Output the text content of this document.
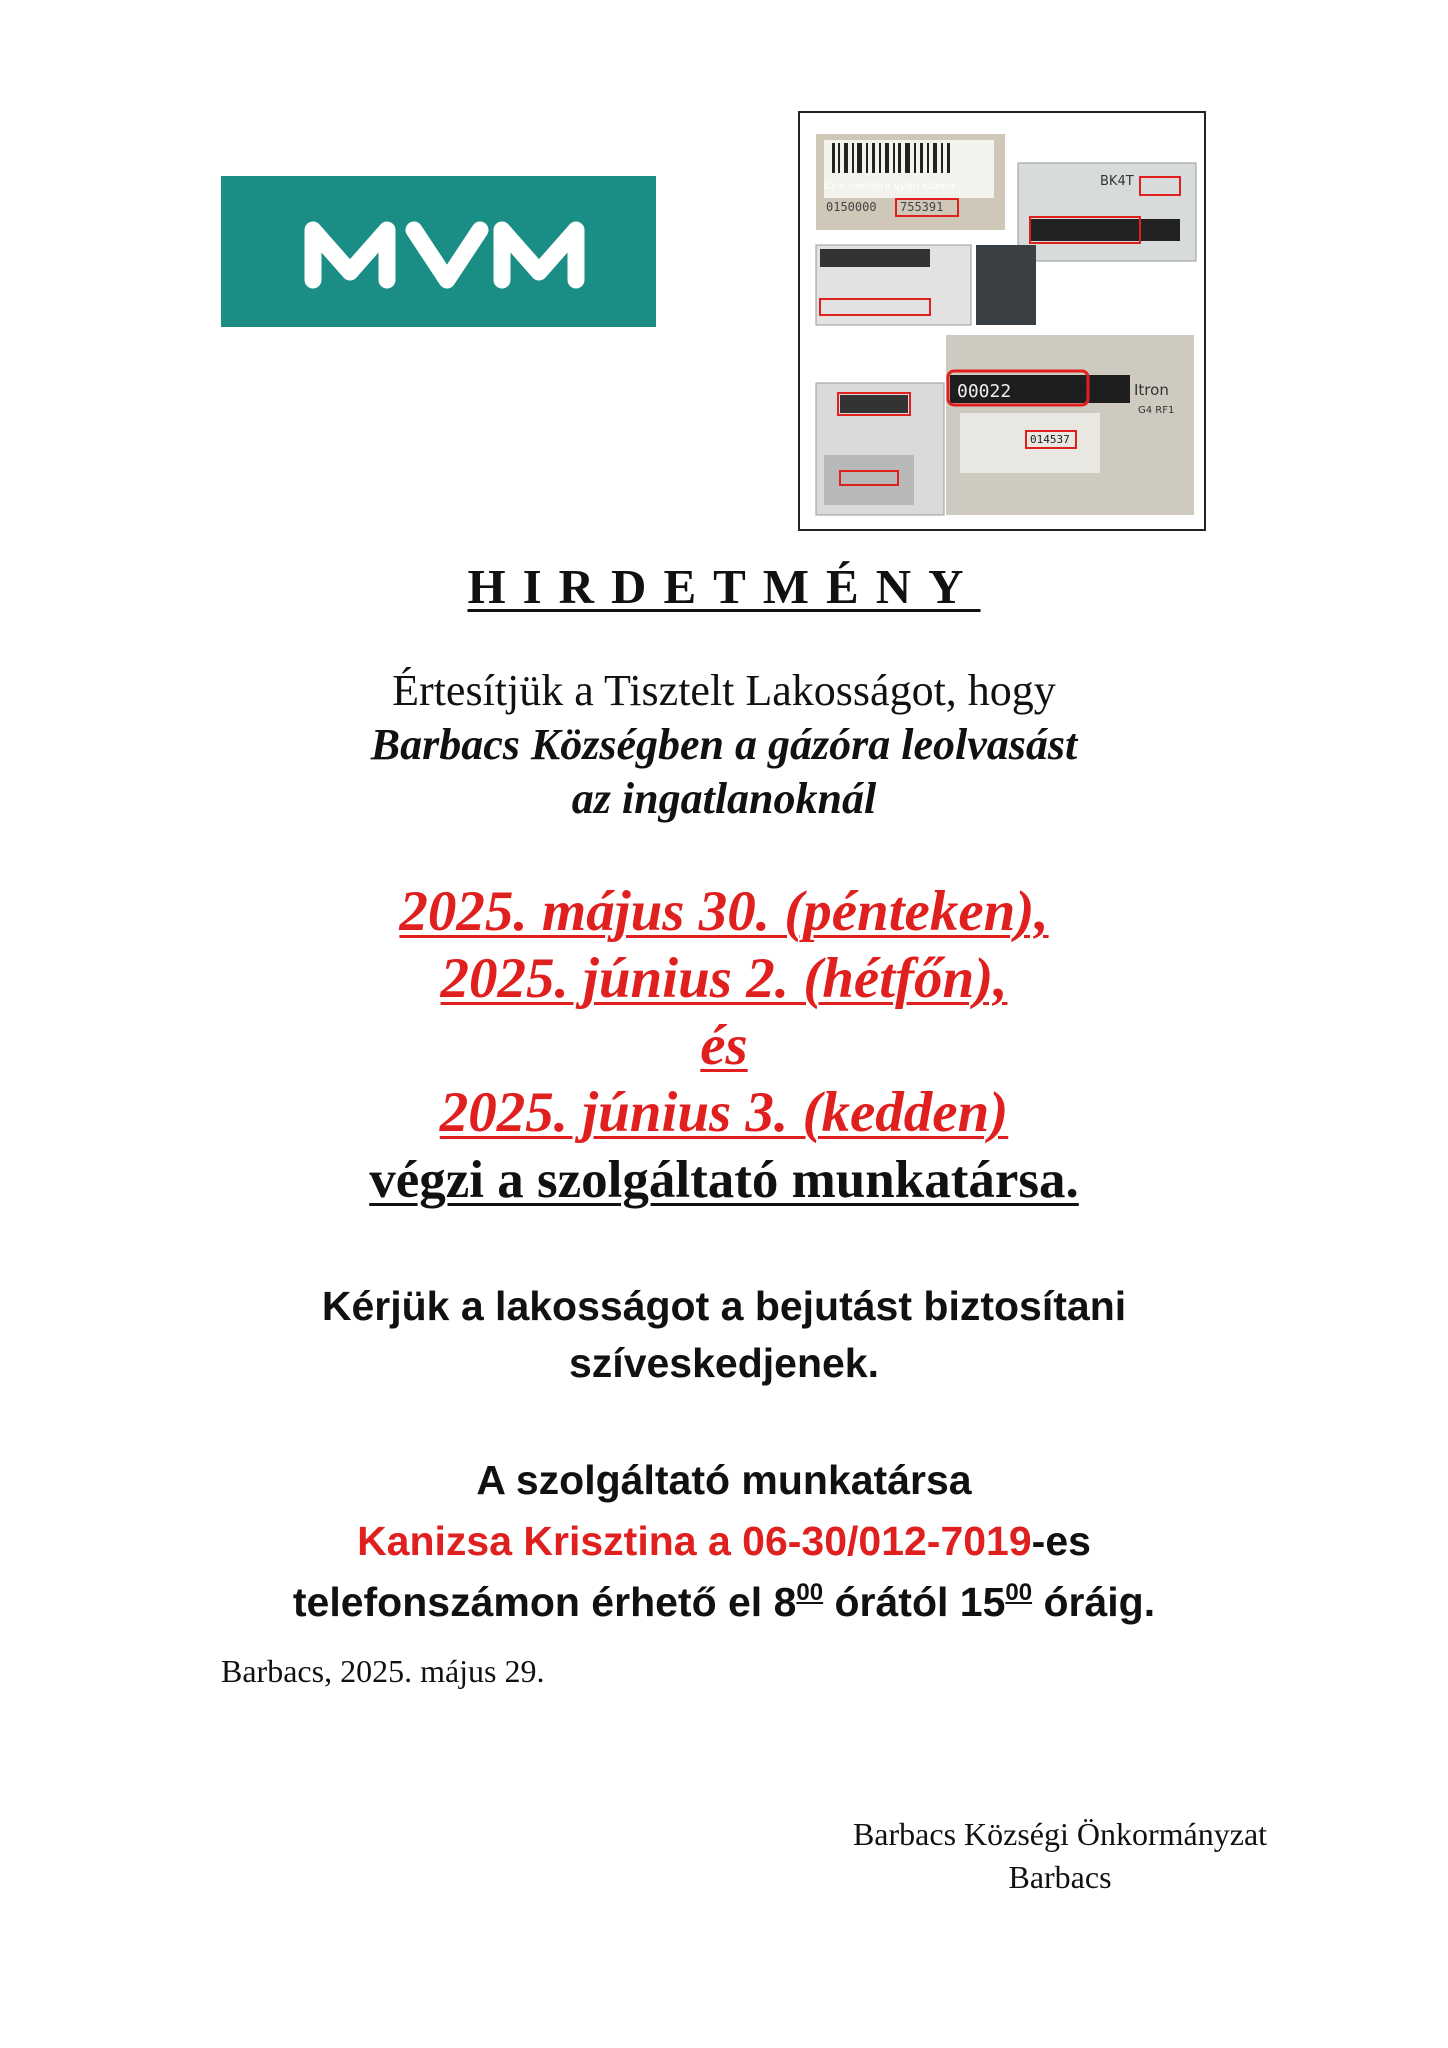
Ez a mérőóra gyári száma
0150000 755391
BK4T
00022	Itron
G4 RF1
014537
HIRDETMÉNY
Értesítjük a Tisztelt Lakosságot, hogy
Barbacs Községben a gázóra leolvasást
az ingatlanoknál
2025. május 30. (pénteken),
2025. június 2. (hétfőn),
és
2025. június 3. (kedden)
végzi a szolgáltató munkatársa.
Kérjük a lakosságot a bejutást biztosítani
szíveskedjenek.
A szolgáltató munkatársa
Kanizsa Krisztina a 06-30/012-7019-es
telefonszámon érhető el $8^{00}$ órától $15^{00}$ óráig.
Barbacs, 2025. május 29.
Barbacs Községi Önkormányzat
Barbacs
